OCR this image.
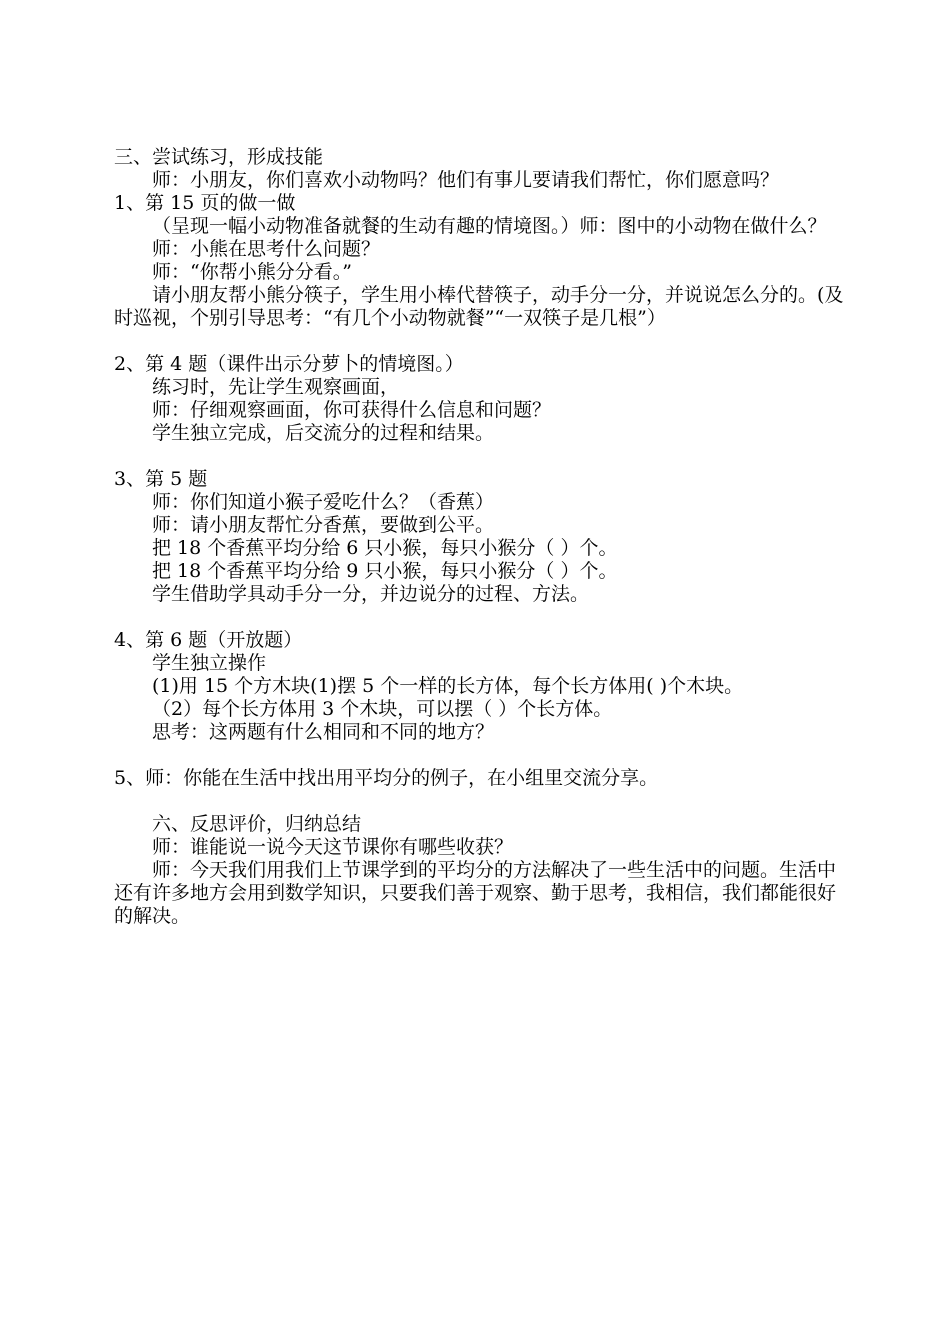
三、尝试练习，形成技能
师：小朋友，你们喜欢小动物吗？他们有事儿要请我们帮忙，你们愿意吗？
1、第 15 页的做一做
（呈现一幅小动物准备就餐的生动有趣的情境图。）师：图中的小动物在做什么？
师：小熊在思考什么问题？
师：“你帮小熊分分看。”
请小朋友帮小熊分筷子，学生用小棒代替筷子，动手分一分，并说说怎么分的。(及时巡视，个别引导思考：“有几个小动物就餐”“一双筷子是几根”）
2、第 4 题（课件出示分萝卜的情境图。）
练习时，先让学生观察画面，
师：仔细观察画面，你可获得什么信息和问题？
学生独立完成，后交流分的过程和结果。
3、第 5 题
师：你们知道小猴子爱吃什么？（香蕉）
师：请小朋友帮忙分香蕉，要做到公平。
把 18 个香蕉平均分给 6 只小猴，每只小猴分（ ）个。
把 18 个香蕉平均分给 9 只小猴，每只小猴分（ ）个。
学生借助学具动手分一分，并边说分的过程、方法。
4、第 6 题（开放题）
学生独立操作
(1)用 15 个方木块(1)摆 5 个一样的长方体，每个长方体用( )个木块。
（2）每个长方体用 3 个木块，可以摆（ ）个长方体。
思考：这两题有什么相同和不同的地方？
5、师：你能在生活中找出用平均分的例子，在小组里交流分享。
六、反思评价，归纳总结
师：谁能说一说今天这节课你有哪些收获？
师：今天我们用我们上节课学到的平均分的方法解决了一些生活中的问题。生活中还有许多地方会用到数学知识，只要我们善于观察、勤于思考，我相信，我们都能很好的解决。
